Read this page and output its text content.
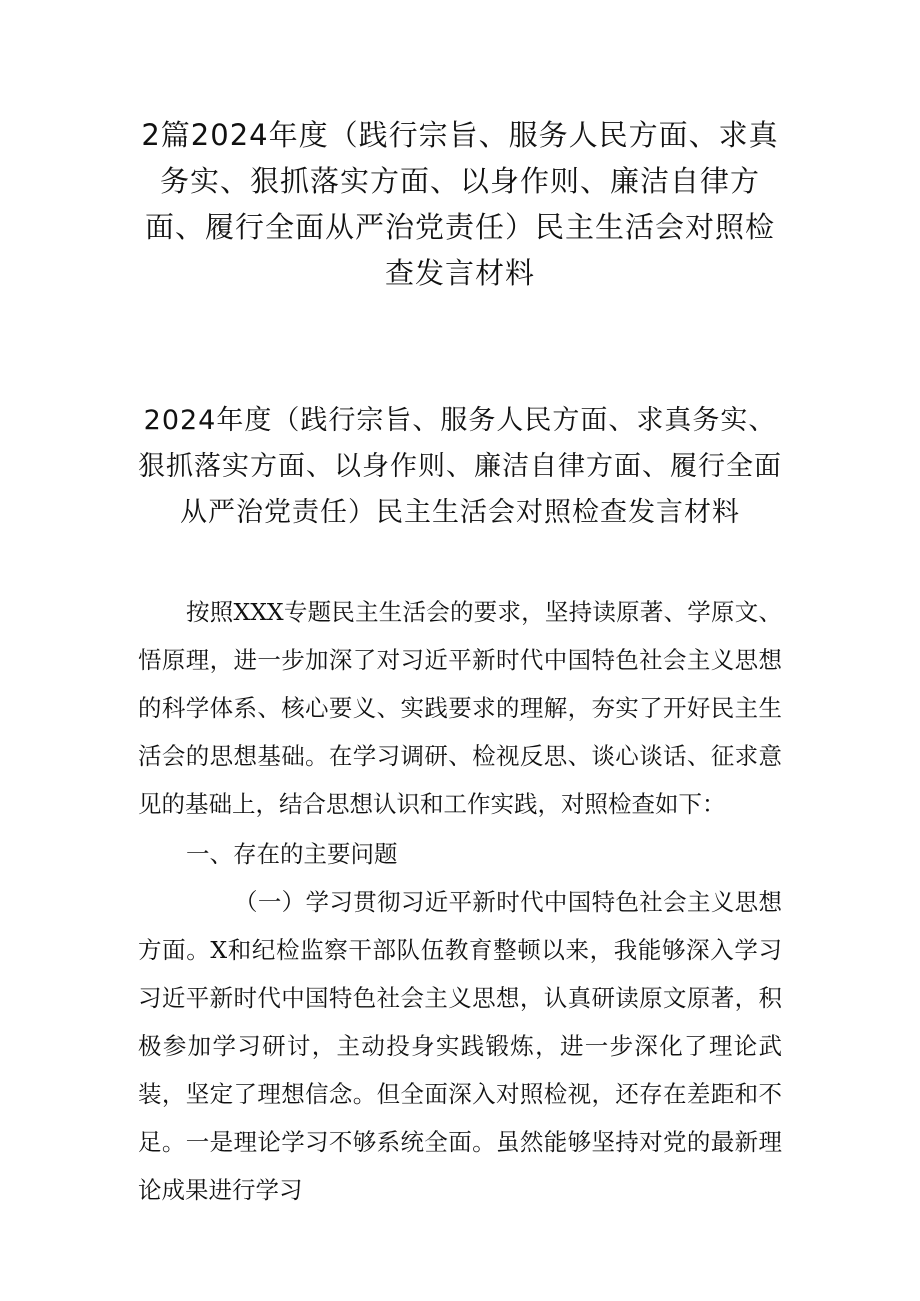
2篇2024年度（践行宗旨、服务人民方面、求真务实、狠抓落实方面、以身作则、廉洁自律方面、履行全面从严治党责任）民主生活会对照检查发言材料
2024年度（践行宗旨、服务人民方面、求真务实、狠抓落实方面、以身作则、廉洁自律方面、履行全面从严治党责任）民主生活会对照检查发言材料

按照XXX专题民主生活会的要求，坚持读原著、学原文、悟原理，进一步加深了对习近平新时代中国特色社会主义思想的科学体系、核心要义、实践要求的理解，夯实了开好民主生活会的思想基础。在学习调研、检视反思、谈心谈话、征求意见的基础上，结合思想认识和工作实践，对照检查如下：

一、存在的主要问题

（一）学习贯彻习近平新时代中国特色社会主义思想方面。X和纪检监察干部队伍教育整顿以来，我能够深入学习习近平新时代中国特色社会主义思想，认真研读原文原著，积极参加学习研讨，主动投身实践锻炼，进一步深化了理论武装，坚定了理想信念。但全面深入对照检视，还存在差距和不足。一是理论学习不够系统全面。虽然能够坚持对党的最新理论成果进行学习
